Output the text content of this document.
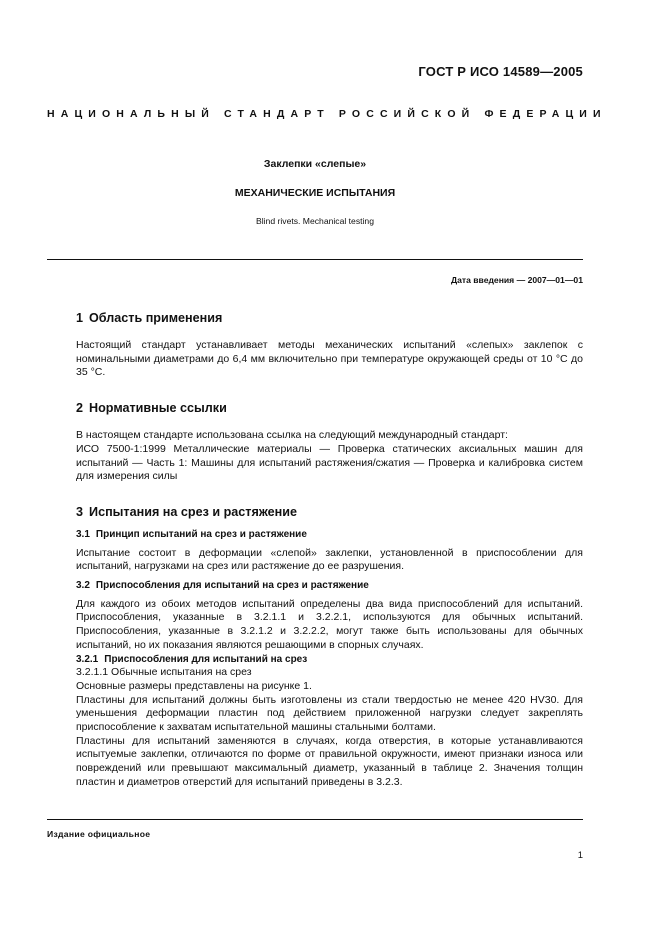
ГОСТ Р ИСО 14589—2005
НАЦИОНАЛЬНЫЙ СТАНДАРТ РОССИЙСКОЙ ФЕДЕРАЦИИ

Заклепки «слепые»

МЕХАНИЧЕСКИЕ ИСПЫТАНИЯ

Blind rivets. Mechanical testing

Дата введения — 2007—01—01
1 Область применения

Настоящий стандарт устанавливает методы механических испытаний «слепых» заклепок с номинальными диаметрами до 6,4 мм включительно при температуре окружающей среды от 10 °С до 35 °С.

2 Нормативные ссылки

В настоящем стандарте использована ссылка на следующий международный стандарт:

ИСО 7500-1:1999 Металлические материалы — Проверка статических аксиальных машин для испытаний — Часть 1: Машины для испытаний растяжения/сжатия — Проверка и калибровка систем для измерения силы

3 Испытания на срез и растяжение
3.1 Принцип испытаний на срез и растяжение

Испытание состоит в деформации «слепой» заклепки, установленной в приспособлении для испытаний, нагрузками на срез или растяжение до ее разрушения.

3.2 Приспособления для испытаний на срез и растяжение

Для каждого из обоих методов испытаний определены два вида приспособлений для испытаний. Приспособления, указанные в 3.2.1.1 и 3.2.2.1, используются для обычных испытаний. Приспособления, указанные в 3.2.1.2 и 3.2.2.2, могут также быть использованы для обычных испытаний, но их показания являются решающими в спорных случаях.

3.2.1 Приспособления для испытаний на срез

3.2.1.1 Обычные испытания на срез

Основные размеры представлены на рисунке 1.

Пластины для испытаний должны быть изготовлены из стали твердостью не менее 420 HV30. Для уменьшения деформации пластин под действием приложенной нагрузки следует закреплять приспособление к захватам испытательной машины стальными болтами.

Пластины для испытаний заменяются в случаях, когда отверстия, в которые устанавливаются испытуемые заклепки, отличаются по форме от правильной окружности, имеют признаки износа или повреждений или превышают максимальный диаметр, указанный в таблице 2. Значения толщин пластин и диаметров отверстий для испытаний приведены в 3.2.3.

Издание официальное
1
